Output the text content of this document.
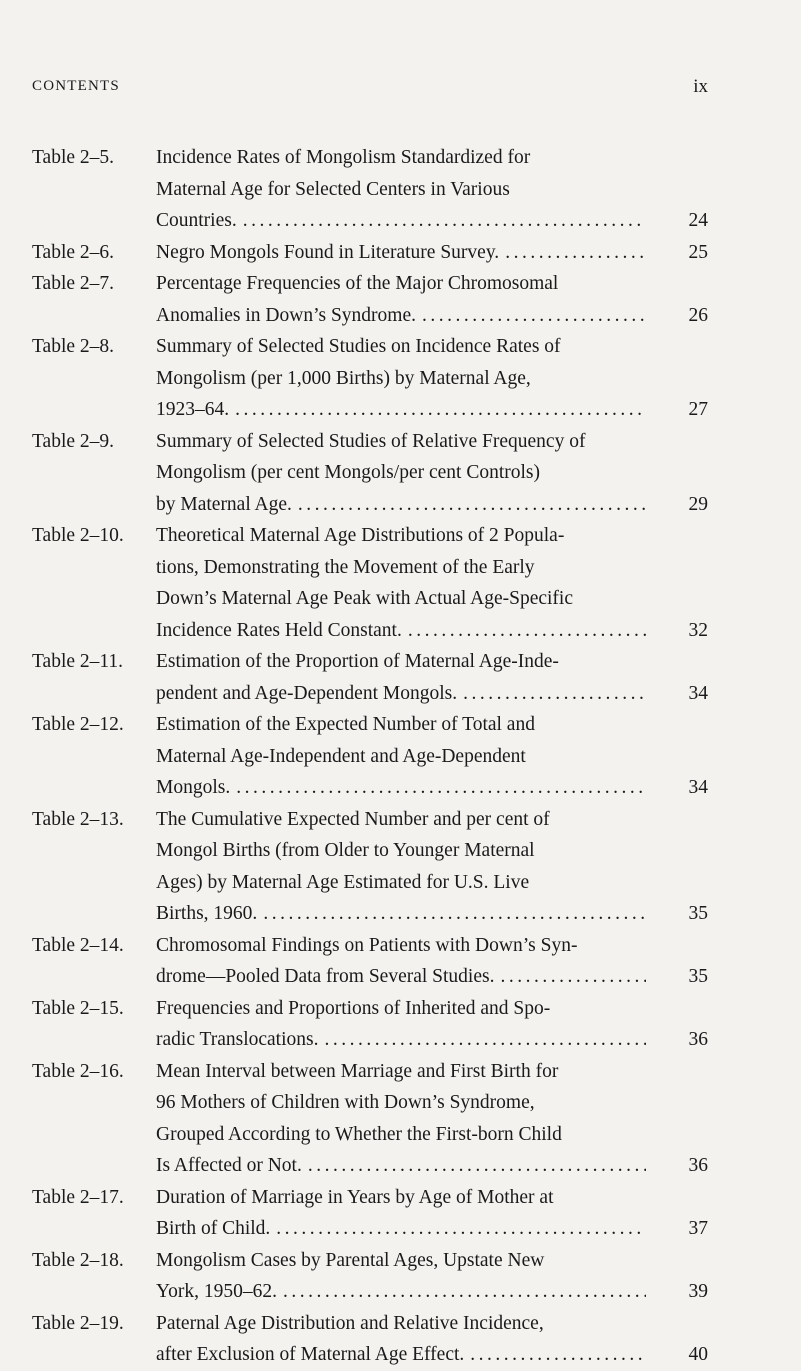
CONTENTS	ix
Table 2–5. Incidence Rates of Mongolism Standardized for
Maternal Age for Selected Centers in Various
Countries. .....	24
Table 2–6. Negro Mongols Found in Literature Survey. .....	25
Table 2–7. Percentage Frequencies of the Major Chromosomal
Anomalies in Down’s Syndrome. .....	26
Table 2–8. Summary of Selected Studies on Incidence Rates of
Mongolism (per 1,000 Births) by Maternal Age,
1923–64. .....	27
Table 2–9. Summary of Selected Studies of Relative Frequency of
Mongolism (per cent Mongols/per cent Controls)
by Maternal Age. .....	29
Table 2–10. Theoretical Maternal Age Distributions of 2 Popula-
tions, Demonstrating the Movement of the Early
Down’s Maternal Age Peak with Actual Age-Specific
Incidence Rates Held Constant. .....	32
Table 2–11. Estimation of the Proportion of Maternal Age-Inde-
pendent and Age-Dependent Mongols. .....	34
Table 2–12. Estimation of the Expected Number of Total and
Maternal Age-Independent and Age-Dependent
Mongols. .....	34
Table 2–13. The Cumulative Expected Number and per cent of
Mongol Births (from Older to Younger Maternal
Ages) by Maternal Age Estimated for U.S. Live
Births, 1960. .....	35
Table 2–14. Chromosomal Findings on Patients with Down’s Syn-
drome—Pooled Data from Several Studies. .....	35
Table 2–15. Frequencies and Proportions of Inherited and Spo-
radic Translocations. .....	36
Table 2–16. Mean Interval between Marriage and First Birth for
96 Mothers of Children with Down’s Syndrome,
Grouped According to Whether the First-born Child
Is Affected or Not. .....	36
Table 2–17. Duration of Marriage in Years by Age of Mother at
Birth of Child. .....	37
Table 2–18. Mongolism Cases by Parental Ages, Upstate New
York, 1950–62. .....	39
Table 2–19. Paternal Age Distribution and Relative Incidence,
after Exclusion of Maternal Age Effect. .....	40
